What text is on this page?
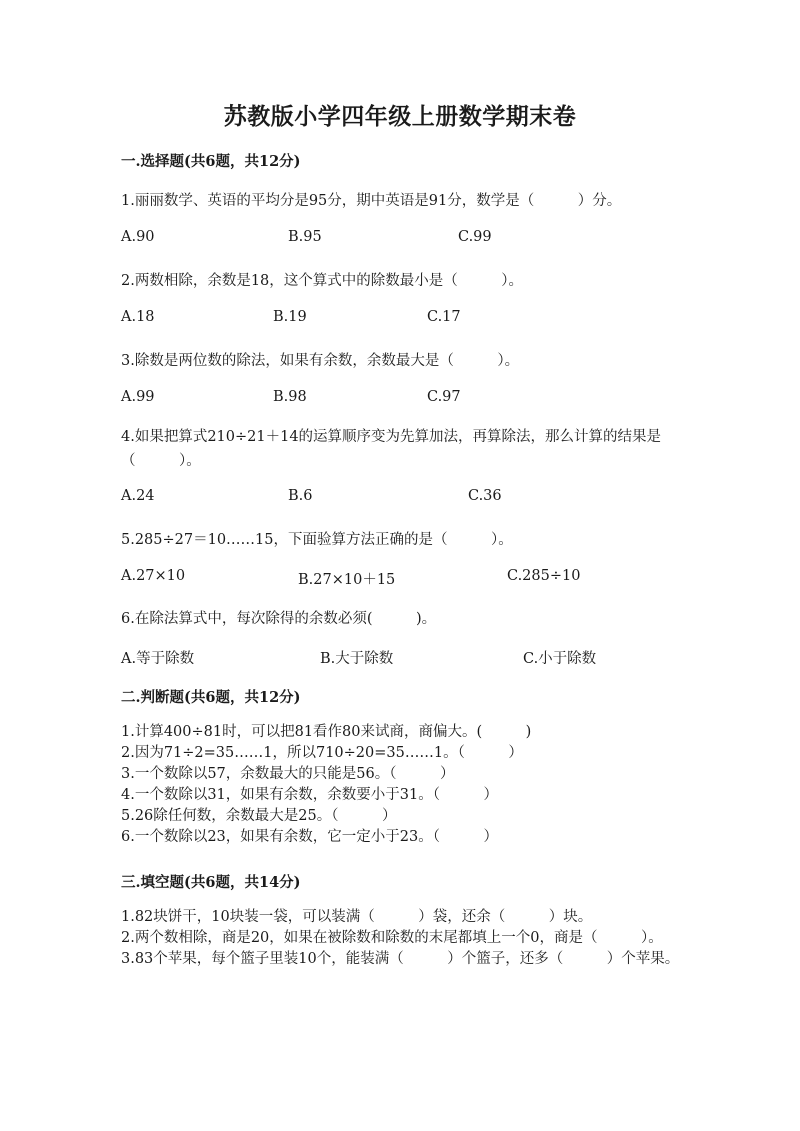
苏教版小学四年级上册数学期末卷
一.选择题(共6题，共12分)
1.丽丽数学、英语的平均分是95分，期中英语是91分，数学是（　　　）分。
A.90	B.95	C.99
2.两数相除，余数是18，这个算式中的除数最小是（　　　）。
A.18	B.19	C.17
3.除数是两位数的除法，如果有余数，余数最大是（　　　）。
A.99	B.98	C.97
4.如果把算式210÷21＋14的运算顺序变为先算加法，再算除法，那么计算的结果是（　　　）。
A.24	B.6	C.36
5.285÷27＝10……15，下面验算方法正确的是（　　　）。
A.27×10	B.27×10＋15	C.285÷10
6.在除法算式中，每次除得的余数必须(　　　)。
A.等于除数	B.大于除数	C.小于除数
二.判断题(共6题，共12分)
1.计算400÷81时，可以把81看作80来试商，商偏大。(　　　)
2.因为71÷2=35……1，所以710÷20=35……1。（　　　）
3.一个数除以57，余数最大的只能是56。（　　　）
4.一个数除以31，如果有余数，余数要小于31。（　　　）
5.26除任何数，余数最大是25。（　　　）
6.一个数除以23，如果有余数，它一定小于23。（　　　）
三.填空题(共6题，共14分)
1.82块饼干，10块装一袋，可以装满（　　　）袋，还余（　　　）块。
2.两个数相除，商是20，如果在被除数和除数的末尾都填上一个0，商是（　　　）。
3.83个苹果，每个篮子里装10个，能装满（　　　）个篮子，还多（　　　）个苹果。
